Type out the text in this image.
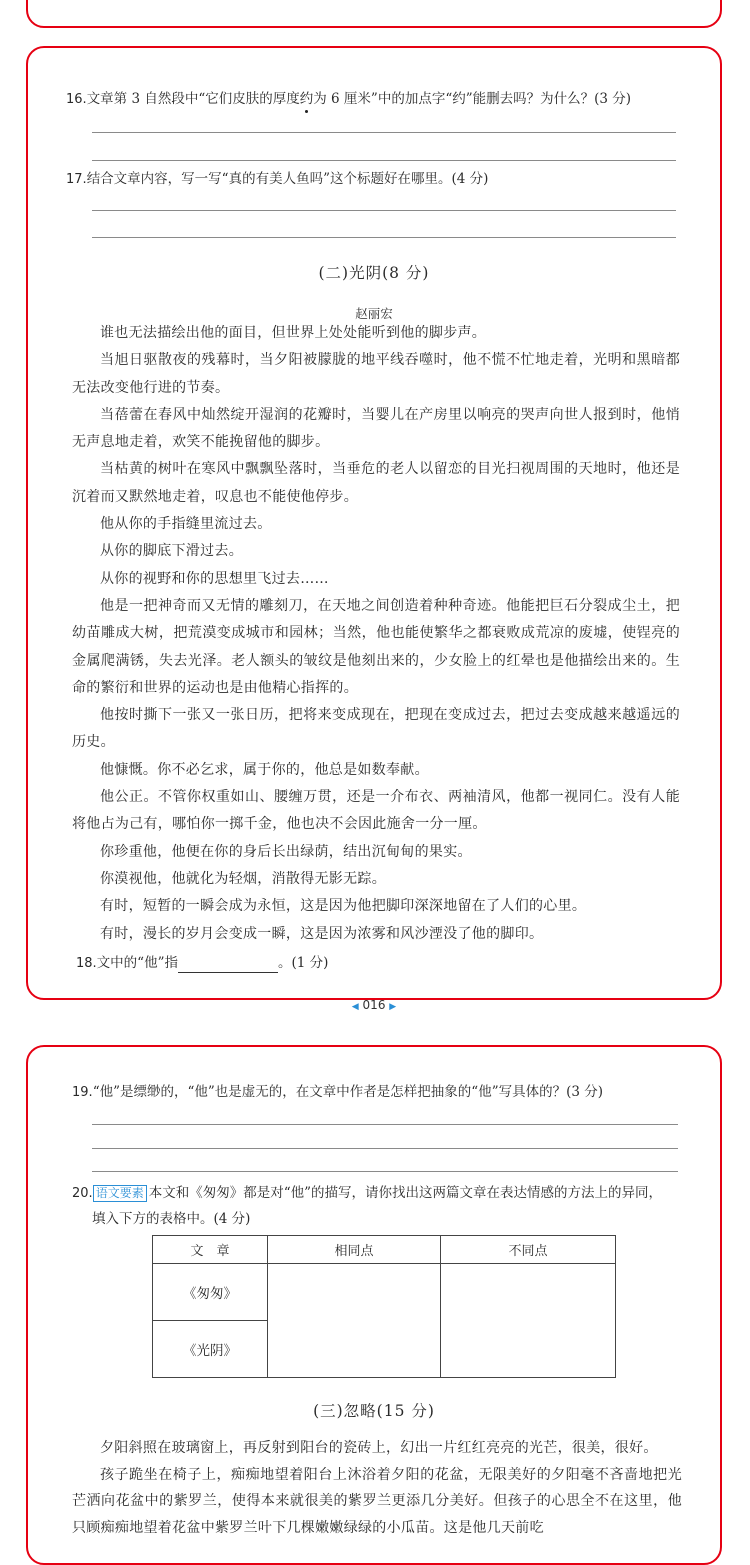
16.文章第 3 自然段中“它们皮肤的厚度约
为 6 厘米”中的加点字“约”能删去吗？为什么？(3 分)
17.结合文章内容，写一写“真的有美人鱼吗”这个标题好在哪里。(4 分)
(二)光阴(8 分)
赵丽宏
谁也无法描绘出他的面目，但世界上处处能听到他的脚步声。
当旭日驱散夜的残幕时，当夕阳被朦胧的地平线吞噬时，他不慌不忙地走着，光明和黑暗都无法改变他行进的节奏。
当蓓蕾在春风中灿然绽开湿润的花瓣时，当婴儿在产房里以响亮的哭声向世人报到时，他悄无声息地走着，欢笑不能挽留他的脚步。
当枯黄的树叶在寒风中飘飘坠落时，当垂危的老人以留恋的目光扫视周围的天地时，他还是沉着而又默然地走着，叹息也不能使他停步。
他从你的手指缝里流过去。
从你的脚底下滑过去。
从你的视野和你的思想里飞过去……
他是一把神奇而又无情的雕刻刀，在天地之间创造着种种奇迹。他能把巨石分裂成尘土，把幼苗雕成大树，把荒漠变成城市和园林；当然，他也能使繁华之都衰败成荒凉的废墟，使锃亮的金属爬满锈，失去光泽。老人额头的皱纹是他刻出来的，少女脸上的红晕也是他描绘出来的。生命的繁衍和世界的运动也是由他精心指挥的。
他按时撕下一张又一张日历，把将来变成现在，把现在变成过去，把过去变成越来越遥远的历史。
他慷慨。你不必乞求，属于你的，他总是如数奉献。
他公正。不管你权重如山、腰缠万贯，还是一介布衣、两袖清风，他都一视同仁。没有人能将他占为己有，哪怕你一掷千金，他也决不会因此施舍一分一厘。
你珍重他，他便在你的身后长出绿荫，结出沉甸甸的果实。
你漠视他，他就化为轻烟，消散得无影无踪。
有时，短暂的一瞬会成为永恒，这是因为他把脚印深深地留在了人们的心里。
有时，漫长的岁月会变成一瞬，这是因为浓雾和风沙湮没了他的脚印。
18.文中的“他”指	。(1 分)
◀ 016 ▶
19.“他”是缥缈的，“他”也是虚无的，在文章中作者是怎样把抽象的“他”写具体的？(3 分)
20. 语文要素 本文和《匆匆》都是对“他”的描写，请你找出这两篇文章在表达情感的方法上的异同，
填入下方的表格中。(4 分)
文　章	相同点	不同点
《匆匆》		
《光阴》		
(三)忽略(15 分)
夕阳斜照在玻璃窗上，再反射到阳台的瓷砖上，幻出一片红红亮亮的光芒，很美，很好。
孩子跪坐在椅子上，痴痴地望着阳台上沐浴着夕阳的花盆，无限美好的夕阳毫不吝啬地把光芒洒向花盆中的紫罗兰，使得本来就很美的紫罗兰更添几分美好。但孩子的心思全不在这里，他只顾痴痴地望着花盆中紫罗兰叶下几棵嫩嫩绿绿的小瓜苗。这是他几天前吃
